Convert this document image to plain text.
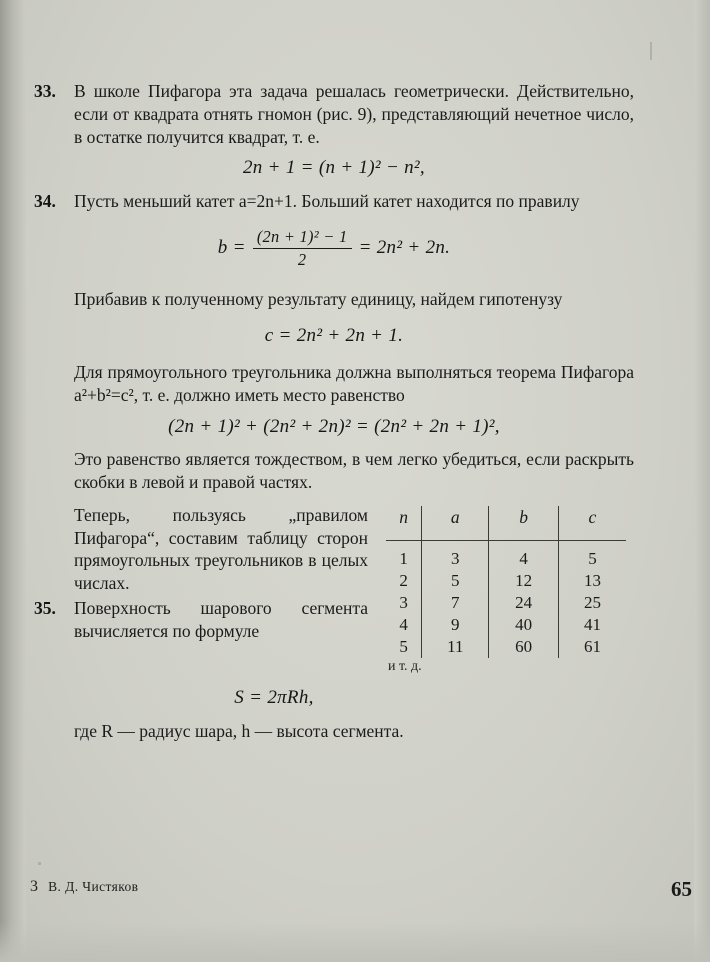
33.	В школе Пифагора эта задача решалась геометрически. Действительно, если от квадрата отнять гномон (рис. 9), представляющий нечетное число, в остатке получится квадрат, т. е.
2n + 1 = (n + 1)² − n²,
34.	Пусть меньший катет a=2n+1. Больший катет находится по правилу
$b = \frac{\text{(2n + 1)² − 1}}{2} = 2n^2 + 2n$.
Прибавив к полученному результату единицу, найдем гипотенузу
c = 2n² + 2n + 1.
Для прямоугольного треугольника должна выполняться теорема Пифагора a²+b²=c², т. е. должно иметь место равенство
(2n + 1)² + (2n² + 2n)² = (2n² + 2n + 1)²,
Это равенство является тождеством, в чем легко убедиться, если раскрыть скобки в левой и правой частях.
n	a	b	c

1	3	4	5
2	5	12	13
3	7	24	25
4	9	40	41
5	11	60	61
и т. д.
Теперь, пользуясь „правилом Пифагора“, составим таблицу сторон прямоугольных треугольников в целых числах.
35.	Поверхность шарового сегмента вычисляется по формуле
S = 2πRh,
где R — радиус шара, h — высота сегмента.
3 В. Д. Чистяков	65
